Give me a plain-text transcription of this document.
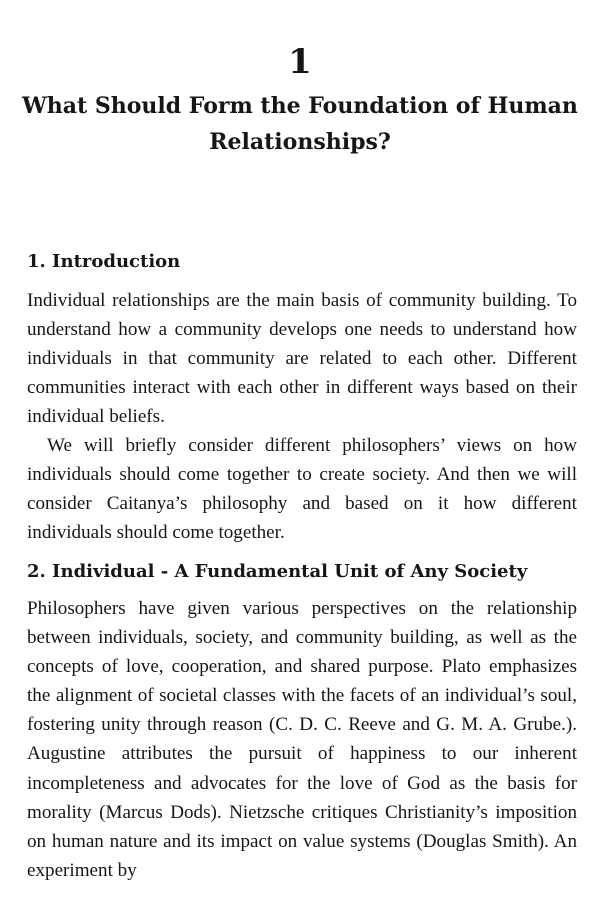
1
What Should Form the Foundation of Human Relationships?
1. Introduction

Individual relationships are the main basis of community building. To understand how a community develops one needs to understand how individuals in that community are related to each other. Different communities interact with each other in different ways based on their individual beliefs.

We will briefly consider different philosophers’ views on how individuals should come together to create society. And then we will consider Caitanya’s philosophy and based on it how different individuals should come together.

2. Individual - A Fundamental Unit of Any Society

Philosophers have given various perspectives on the relationship between individuals, society, and community building, as well as the concepts of love, cooperation, and shared purpose. Plato emphasizes the alignment of societal classes with the facets of an individual’s soul, fostering unity through reason (C. D. C. Reeve and G. M. A. Grube.). Augustine attributes the pursuit of happiness to our inherent incompleteness and advocates for the love of God as the basis for morality (Marcus Dods). Nietzsche critiques Christianity’s imposition on human nature and its impact on value systems (Douglas Smith). An experiment by
